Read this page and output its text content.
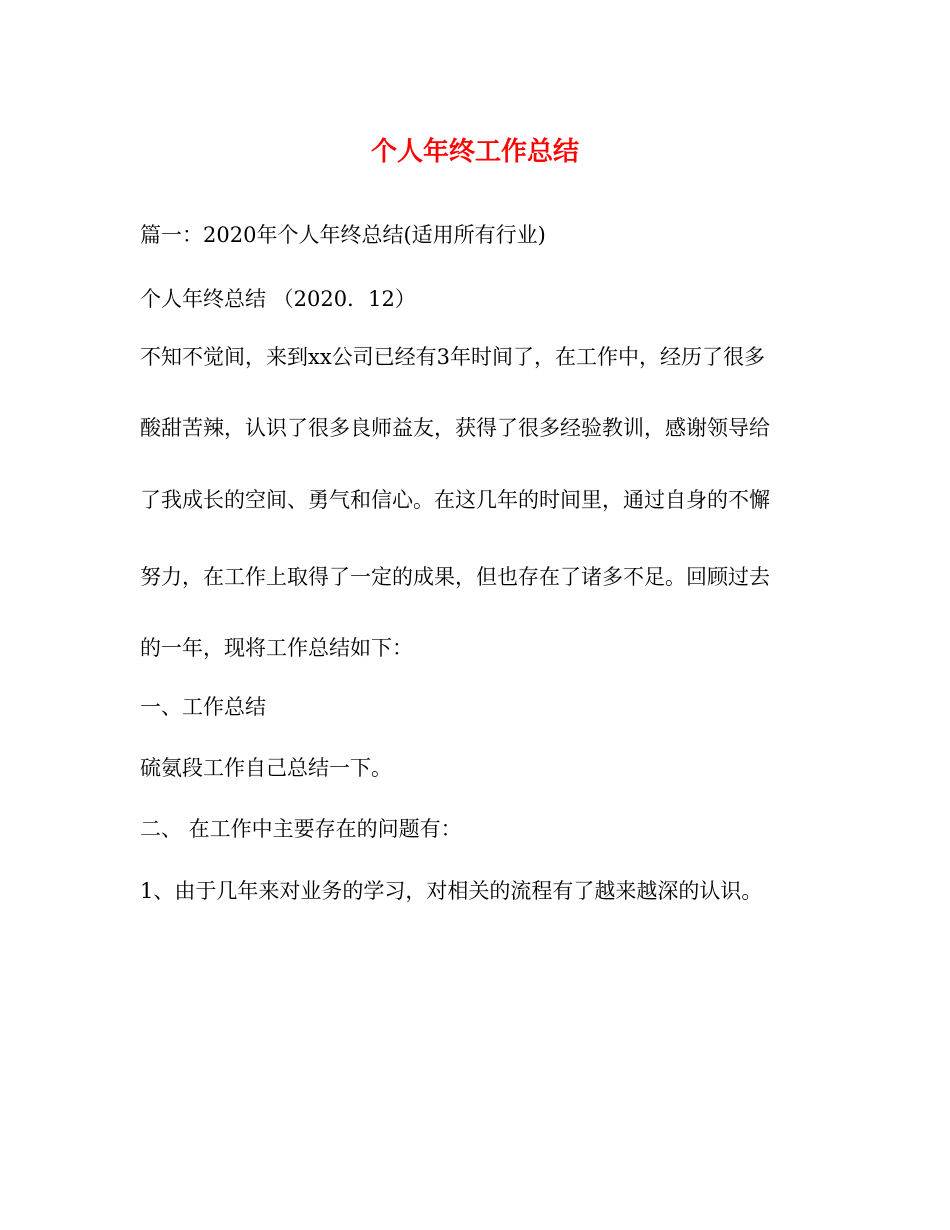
个人年终工作总结
篇一：2020年个人年终总结(适用所有行业)
个人年终总结 （2020．12）
不知不觉间，来到xx公司已经有3年时间了，在工作中，经历了很多
酸甜苦辣，认识了很多良师益友，获得了很多经验教训，感谢领导给
了我成长的空间、勇气和信心。在这几年的时间里，通过自身的不懈
努力，在工作上取得了一定的成果，但也存在了诸多不足。回顾过去
的一年，现将工作总结如下：
一、工作总结
硫氨段工作自己总结一下。
二、 在工作中主要存在的问题有：
1、由于几年来对业务的学习，对相关的流程有了越来越深的认识。
